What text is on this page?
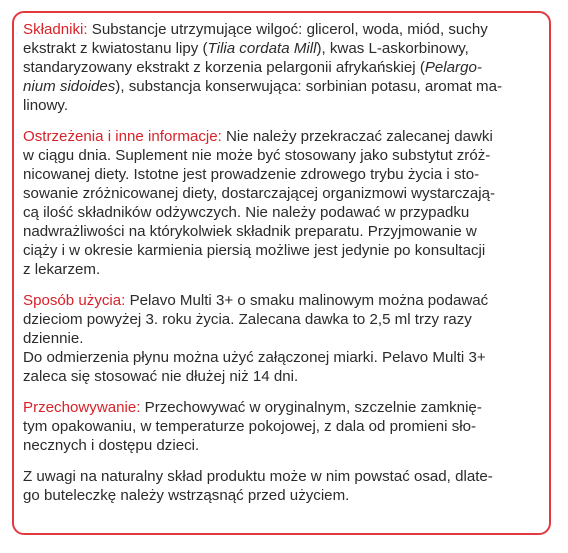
Składniki: Substancje utrzymujące wilgoć: glicerol, woda, miód, suchy
ekstrakt z kwiatostanu lipy (Tilia cordata Mill), kwas L-askorbinowy,
standaryzowany ekstrakt z korzenia pelargonii afrykańskiej (Pelargo-
nium sidoides), substancja konserwująca: sorbinian potasu, aromat ma-
linowy.
Ostrzeżenia i inne informacje: Nie należy przekraczać zalecanej dawki
w ciągu dnia. Suplement nie może być stosowany jako substytut zróż-
nicowanej diety. Istotne jest prowadzenie zdrowego trybu życia i sto-
sowanie zróżnicowanej diety, dostarczającej organizmowi wystarczają-
cą ilość składników odżywczych. Nie należy podawać w przypadku
nadwrażliwości na którykolwiek składnik preparatu. Przyjmowanie w
ciąży i w okresie karmienia piersią możliwe jest jedynie po konsultacji
z lekarzem.
Sposób użycia: Pelavo Multi 3+ o smaku malinowym można podawać
dzieciom powyżej 3. roku życia. Zalecana dawka to 2,5 ml trzy razy
dziennie.
Do odmierzenia płynu można użyć załączonej miarki. Pelavo Multi 3+
zaleca się stosować nie dłużej niż 14 dni.
Przechowywanie: Przechowywać w oryginalnym, szczelnie zamknię-
tym opakowaniu, w temperaturze pokojowej, z dala od promieni sło-
necznych i dostępu dzieci.
Z uwagi na naturalny skład produktu może w nim powstać osad, dlate-
go buteleczkę należy wstrząsnąć przed użyciem.
